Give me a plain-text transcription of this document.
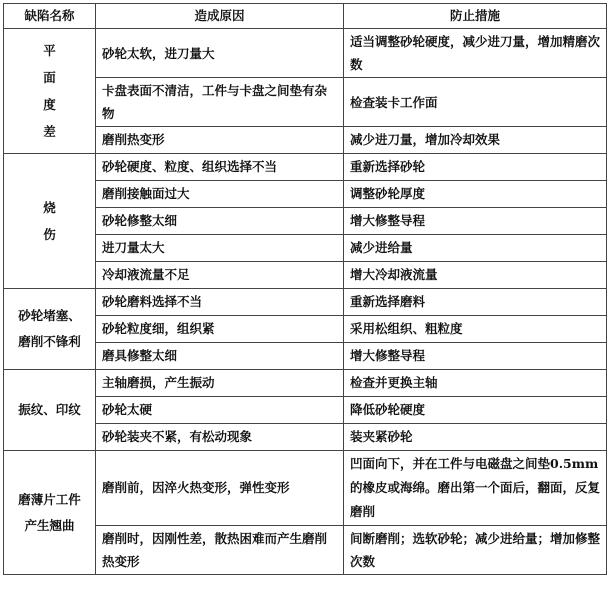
缺陷名称	造成原因	防止措施

平
面
度
差	砂轮太软，进刀量大	适当调整砂轮硬度，减少进刀量，增加精磨次数
	卡盘表面不清洁，工件与卡盘之间垫有杂物	检查装卡工作面
	磨削热变形	减少进刀量，增加冷却效果

烧
伤	砂轮硬度、粒度、组织选择不当	重新选择砂轮
	磨削接触面过大	调整砂轮厚度
	砂轮修整太细	增大修整导程
	进刀量太大	减少进给量
	冷却液流量不足	增大冷却液流量

砂轮堵塞、
磨削不锋利	砂轮磨料选择不当	重新选择磨料
	砂轮粒度细，组织紧	采用松组织、粗粒度
	磨具修整太细	增大修整导程

振纹、印纹	主轴磨损，产生振动	检查并更换主轴
	砂轮太硬	降低砂轮硬度
	砂轮装夹不紧，有松动现象	装夹紧砂轮

磨薄片工件
产生翘曲	磨削前，因淬火热变形，弹性变形	凹面向下，并在工件与电磁盘之间垫0.5mm的橡皮或海绵。磨出第一个面后，翻面，反复磨削
	磨削时，因刚性差，散热困难而产生磨削热变形	间断磨削；选软砂轮；减少进给量；增加修整次数
